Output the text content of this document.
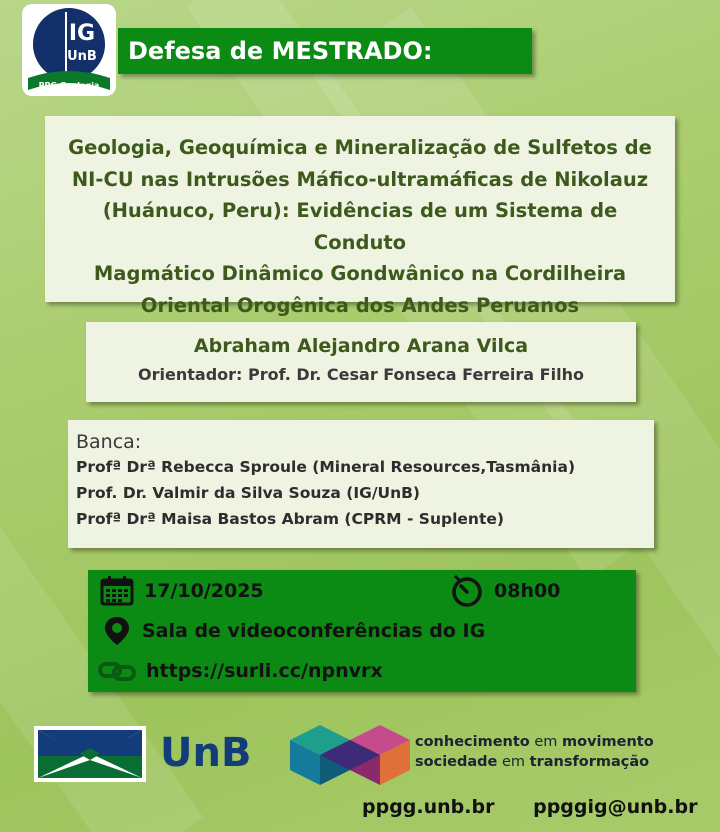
IG
UnB
PPG Geologia
Defesa de MESTRADO:
Geologia, Geoquímica e Mineralização de Sulfetos de
NI-CU nas Intrusões Máfico-ultramáficas de Nikolauz
(Huánuco, Peru): Evidências de um Sistema de Conduto
Magmático Dinâmico Gondwânico na Cordilheira
Oriental Orogênica dos Andes Peruanos
Abraham Alejandro Arana Vilca
Orientador: Prof. Dr. Cesar Fonseca Ferreira Filho
Banca:
Profª Drª Rebecca Sproule (Mineral Resources,Tasmânia)
Prof. Dr. Valmir da Silva Souza (IG/UnB)
Profª Drª Maisa Bastos Abram (CPRM - Suplente)
17/10/2025	08h00
Sala de videoconferências do IG
https://surli.cc/npnvrx
UnB	conhecimento em movimento
sociedade em transformação
ppgg.unb.br ppggig@unb.br
